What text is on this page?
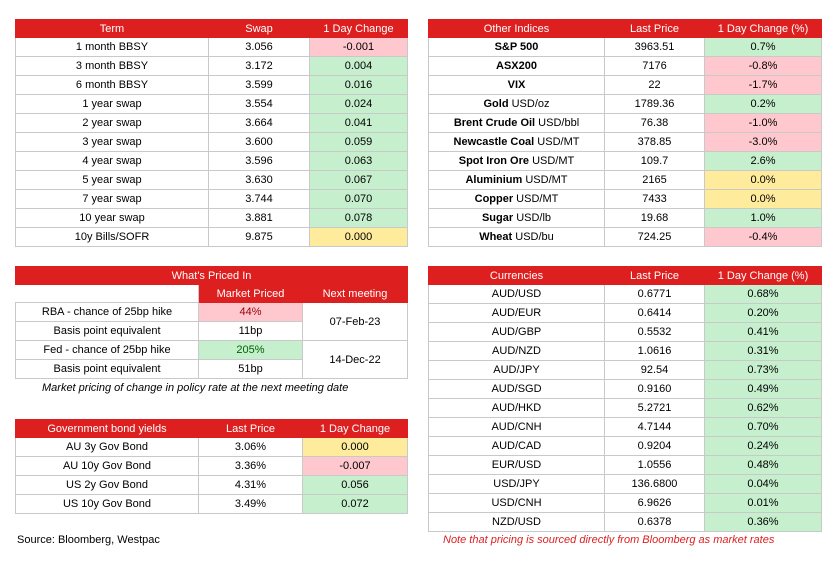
Term	Swap	1 Day Change
1 month BBSY	3.056	-0.001
3 month BBSY	3.172	0.004
6 month BBSY	3.599	0.016
1 year swap	3.554	0.024
2 year swap	3.664	0.041
3 year swap	3.600	0.059
4 year swap	3.596	0.063
5 year swap	3.630	0.067
7 year swap	3.744	0.070
10 year swap	3.881	0.078
10y Bills/SOFR	9.875	0.000
Other Indices	Last Price	1 Day Change (%)
S&P 500	3963.51	0.7%
ASX200	7176	-0.8%
VIX	22	-1.7%
Gold USD/oz	1789.36	0.2%
Brent Crude Oil USD/bbl	76.38	-1.0%
Newcastle Coal USD/MT	378.85	-3.0%
Spot Iron Ore USD/MT	109.7	2.6%
Aluminium USD/MT	2165	0.0%
Copper USD/MT	7433	0.0%
Sugar USD/lb	19.68	1.0%
Wheat USD/bu	724.25	-0.4%
What's Priced In		
	Market Priced	Next meeting
RBA - chance of 25bp hike	44%	07-Feb-23
Basis point equivalent	11bp	
Fed - chance of 25bp hike	205%	14-Dec-22
Basis point equivalent	51bp	
Market pricing of change in policy rate at the next meeting date
Government bond yields	Last Price	1 Day Change
AU 3y Gov Bond	3.06%	0.000
AU 10y Gov Bond	3.36%	-0.007
US 2y Gov Bond	4.31%	0.056
US 10y Gov Bond	3.49%	0.072
Currencies	Last Price	1 Day Change (%)
AUD/USD	0.6771	0.68%
AUD/EUR	0.6414	0.20%
AUD/GBP	0.5532	0.41%
AUD/NZD	1.0616	0.31%
AUD/JPY	92.54	0.73%
AUD/SGD	0.9160	0.49%
AUD/HKD	5.2721	0.62%
AUD/CNH	4.7144	0.70%
AUD/CAD	0.9204	0.24%
EUR/USD	1.0556	0.48%
USD/JPY	136.6800	0.04%
USD/CNH	6.9626	0.01%
NZD/USD	0.6378	0.36%
Source: Bloomberg, Westpac	Note that pricing is sourced directly from Bloomberg as market rates
